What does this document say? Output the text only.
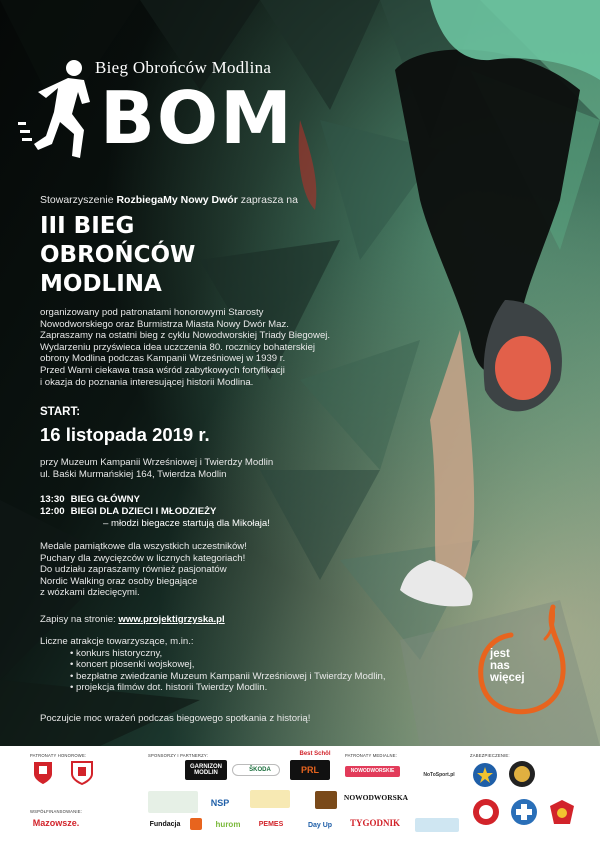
Bieg Obrońców Modlina
BOM
Stowarzyszenie RozbiegaMy Nowy Dwór zaprasza na
III BIEG
OBROŃCÓW
MODLINA
organizowany pod patronatami honorowymi Starosty
Nowodworskiego oraz Burmistrza Miasta Nowy Dwór Maz.
Zapraszamy na ostatni bieg z cyklu Nowodworskiej Triady Biegowej.
Wydarzeniu przyświeca idea uczczenia 80. rocznicy bohaterskiej
obrony Modlina podczas Kampanii Wrześniowej w 1939 r.
Przed Warni ciekawa trasa wśród zabytkowych fortyfikacji
i okazja do poznania interesującej historii Modlina.
START:
16 listopada 2019 r.
przy Muzeum Kampanii Wrześniowej i Twierdzy Modlin
ul. Baśki Murmańskiej 164, Twierdza Modlin
13:30 BIEG GŁÓWNY
12:00 BIEGI DLA DZIECI I MŁODZIEŻY
– młodzi biegacze startują dla Mikołaja!
Medale pamiątkowe dla wszystkich uczestników!
Puchary dla zwycięzców w licznych kategoriach!
Do udziału zapraszamy również pasjonatów
Nordic Walking oraz osoby biegające
z wózkami dziecięcymi.
Zapisy na stronie: www.projektigrzyska.pl
Liczne atrakcje towarzyszące, m.in.:
• konkurs historyczny,
• koncert piosenki wojskowej,
• bezpłatne zwiedzanie Muzeum Kampanii Wrześniowej i Twierdzy Modlin,
• projekcja filmów dot. historii Twierdzy Modlin.
Poczujcie moc wrażeń podczas biegowego spotkania z historią!
jest
nas
więcej
PATRONATY HONOROWE:	SPONSORZY I PARTNERZY:	PATRONATY MEDIALNE:	ZABEZPIECZENIE:
WSPÓŁFINANSOWANIE:
GARNIZON MODLIN
ŠKODA	PRL
Best Schöl
NOWODWORSKIE
NoToSport.pl
NOWODWORSKA
TYGODNIK
Mazowsze.	Fundacja	hurom	PEMES	Day Up
NSP
